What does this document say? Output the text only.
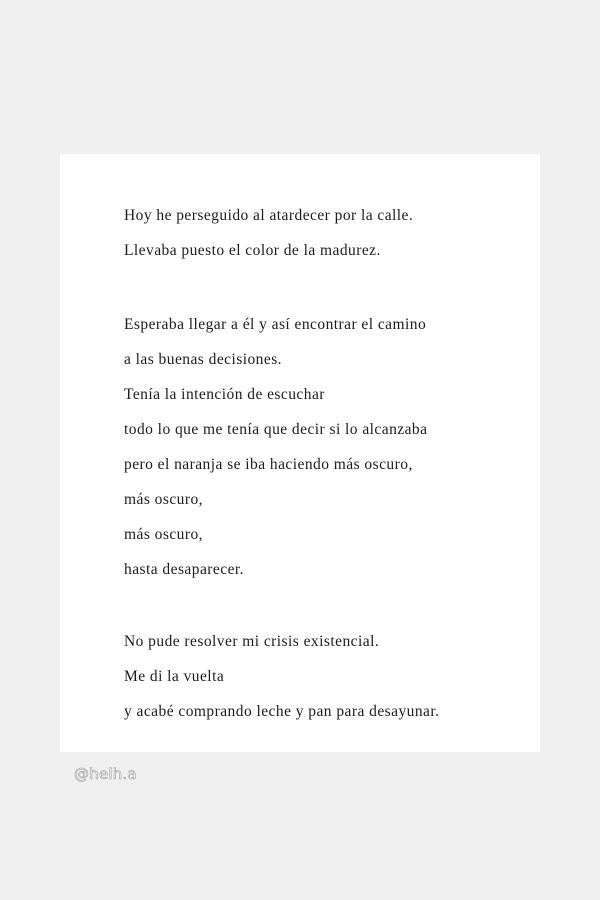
Hoy he perseguido al atardecer por la calle.
Llevaba puesto el color de la madurez.
Esperaba llegar a él y así encontrar el camino
a las buenas decisiones.
Tenía la intención de escuchar
todo lo que me tenía que decir si lo alcanzaba
pero el naranja se iba haciendo más oscuro,
más oscuro,
más oscuro,
hasta desaparecer.
No pude resolver mi crisis existencial.
Me di la vuelta
y acabé comprando leche y pan para desayunar.
@helh.a
